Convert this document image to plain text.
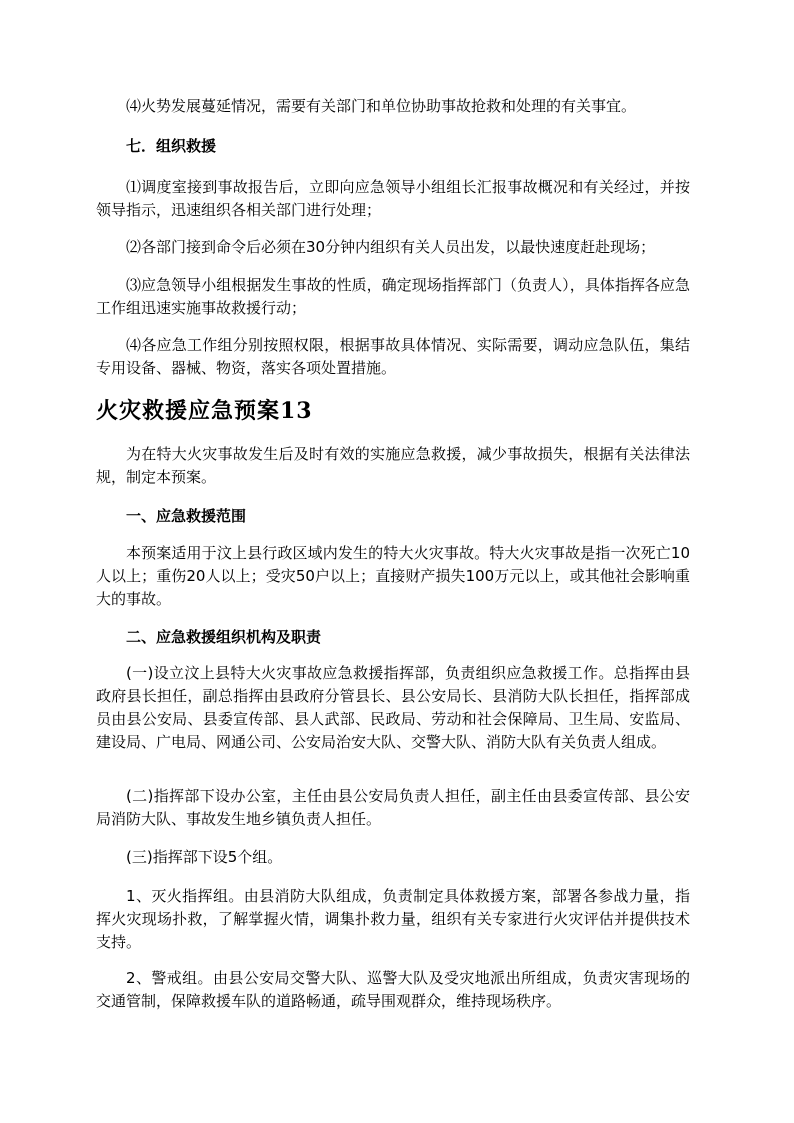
⑷火势发展蔓延情况，需要有关部门和单位协助事故抢救和处理的有关事宜。

七．组织救援

⑴调度室接到事故报告后，立即向应急领导小组组长汇报事故概况和有关经过，并按领导指示，迅速组织各相关部门进行处理；

⑵各部门接到命令后必须在30分钟内组织有关人员出发，以最快速度赶赴现场；

⑶应急领导小组根据发生事故的性质，确定现场指挥部门（负责人），具体指挥各应急工作组迅速实施事故救援行动；

⑷各应急工作组分别按照权限，根据事故具体情况、实际需要，调动应急队伍，集结专用设备、器械、物资，落实各项处置措施。

火灾救援应急预案13

为在特大火灾事故发生后及时有效的实施应急救援，减少事故损失，根据有关法律法规，制定本预案。

一、应急救援范围

本预案适用于汶上县行政区域内发生的特大火灾事故。特大火灾事故是指一次死亡10人以上；重伤20人以上；受灾50户以上；直接财产损失100万元以上，或其他社会影响重大的事故。

二、应急救援组织机构及职责

(一)设立汶上县特大火灾事故应急救援指挥部，负责组织应急救援工作。总指挥由县政府县长担任，副总指挥由县政府分管县长、县公安局长、县消防大队长担任，指挥部成员由县公安局、县委宣传部、县人武部、民政局、劳动和社会保障局、卫生局、安监局、建设局、广电局、网通公司、公安局治安大队、交警大队、消防大队有关负责人组成。

(二)指挥部下设办公室，主任由县公安局负责人担任，副主任由县委宣传部、县公安局消防大队、事故发生地乡镇负责人担任。

(三)指挥部下设5个组。

1、灭火指挥组。由县消防大队组成，负责制定具体救援方案，部署各参战力量，指挥火灾现场扑救，了解掌握火情，调集扑救力量，组织有关专家进行火灾评估并提供技术支持。

2、警戒组。由县公安局交警大队、巡警大队及受灾地派出所组成，负责灾害现场的交通管制，保障救援车队的道路畅通，疏导围观群众，维持现场秩序。
